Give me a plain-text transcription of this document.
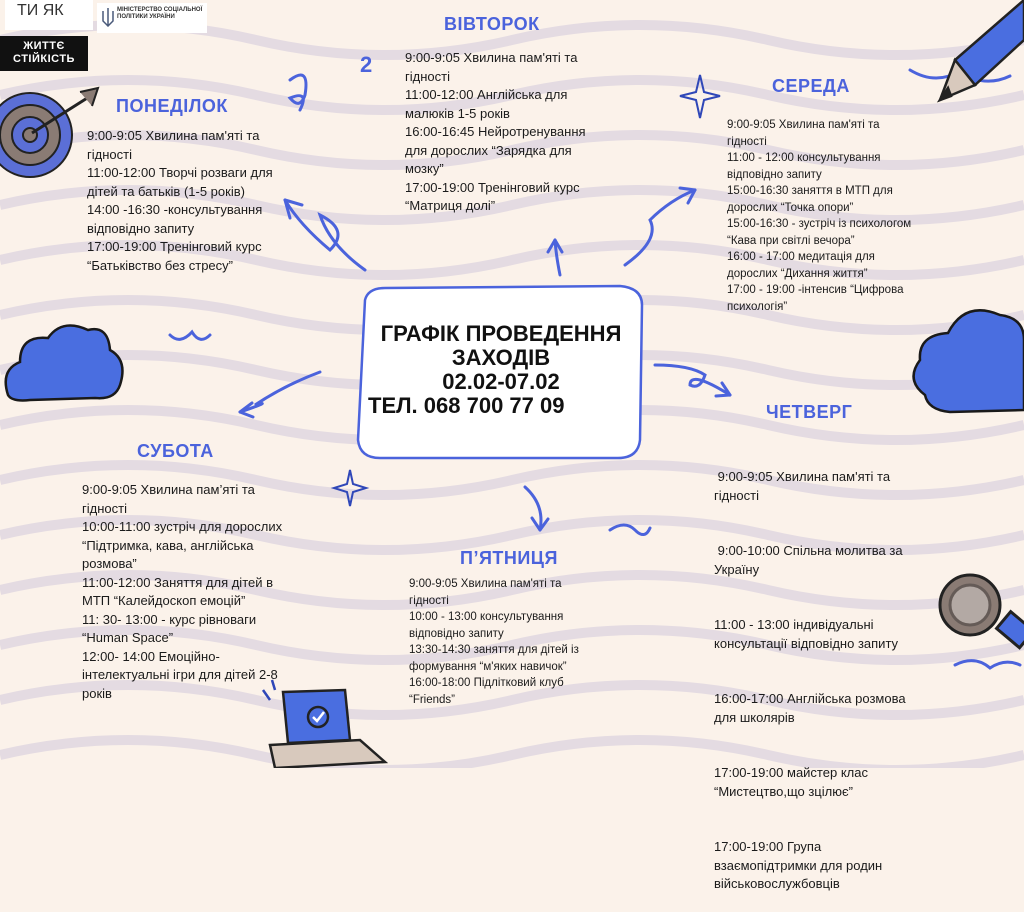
ТИ ЯК	МІНІСТЕРСТВО СОЦІАЛЬНОЇ ПОЛІТИКИ УКРАЇНИ
ЖИТТЄ
СТІЙКІСТЬ	2
ГРАФІК ПРОВЕДЕННЯ
ЗАХОДІВ
02.02-07.02
ТЕЛ. 068 700 77 09
ПОНЕДІЛОК
9:00-9:05 Хвилина пам'яті та гідності
11:00-12:00 Творчі розваги для дітей та батьків (1-5 років)
14:00 -16:30 -консультування відповідно запиту
17:00-19:00 Тренінговий курс “Батьківство без стресу”
ВІВТОРОК
9:00-9:05 Хвилина пам'яті та гідності
11:00-12:00 Англійська для малюків 1-5 років
16:00-16:45 Нейротренування для дорослих “Зарядка для мозку”
17:00-19:00 Тренінговий курс “Матриця долі”
СЕРЕДА
9:00-9:05 Хвилина пам'яті та гідності
11:00 - 12:00 консультування відповідно запиту
15:00-16:30 заняття в МТП для дорослих “Точка опори”
15:00-16:30 - зустріч із психологом “Кава при світлі вечора”
16:00 - 17:00 медитація для дорослих “Дихання життя”
17:00 - 19:00 -інтенсив “Цифрова психологія”
ЧЕТВЕРГ

9:00-9:05 Хвилина пам'яті та гідності

9:00-10:00 Спільна молитва за Україну

11:00 - 13:00 індивідуальні консультації відповідно запиту

16:00-17:00 Англійська розмова для школярів

17:00-19:00 майстер клас “Мистецтво,що зцілює”

17:00-19:00 Група взаємопідтримки для родин військовослужбовців

П’ЯТНИЦЯ
9:00-9:05 Хвилина пам'яті та гідності
10:00 - 13:00 консультування відповідно запиту
13:30-14:30 заняття для дітей із формування “м'яких навичок”
16:00-18:00 Підлітковий клуб “Friends”
СУБОТА
9:00-9:05 Хвилина пам’яті та гідності
10:00-11:00 зустріч для дорослих “Підтримка, кава, англійська розмова”
11:00-12:00 Заняття для дітей в МТП “Калейдоскоп емоцій”
11: 30- 13:00 - курс рівноваги “Human Space”
12:00- 14:00 Емоційно-інтелектуальні ігри для дітей 2-8 років
